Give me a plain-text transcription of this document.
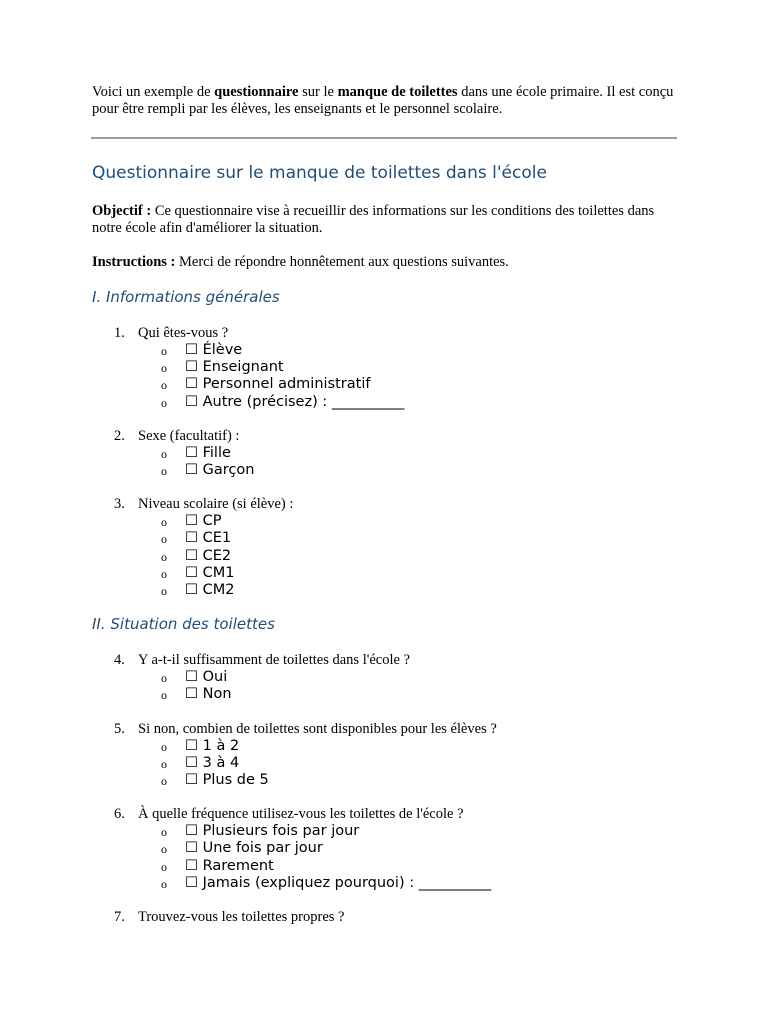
Voici un exemple de questionnaire sur le manque de toilettes dans une école primaire. Il est conçu pour être rempli par les élèves, les enseignants et le personnel scolaire.

Questionnaire sur le manque de toilettes dans l'école

Objectif : Ce questionnaire vise à recueillir des informations sur les conditions des toilettes dans notre école afin d'améliorer la situation.

Instructions : Merci de répondre honnêtement aux questions suivantes.

I. Informations générales
1. Qui êtes-vous ?
o ☐ Élève
o ☐ Enseignant
o ☐ Personnel administratif
o ☐ Autre (précisez) : __________
2. Sexe (facultatif) :
o ☐ Fille
o ☐ Garçon
3. Niveau scolaire (si élève) :
o ☐ CP
o ☐ CE1
o ☐ CE2
o ☐ CM1
o ☐ CM2
II. Situation des toilettes
4. Y a-t-il suffisamment de toilettes dans l'école ?
o ☐ Oui
o ☐ Non
5. Si non, combien de toilettes sont disponibles pour les élèves ?
o ☐ 1 à 2
o ☐ 3 à 4
o ☐ Plus de 5
6. À quelle fréquence utilisez-vous les toilettes de l'école ?
o ☐ Plusieurs fois par jour
o ☐ Une fois par jour
o ☐ Rarement
o ☐ Jamais (expliquez pourquoi) : __________
7. Trouvez-vous les toilettes propres ?
